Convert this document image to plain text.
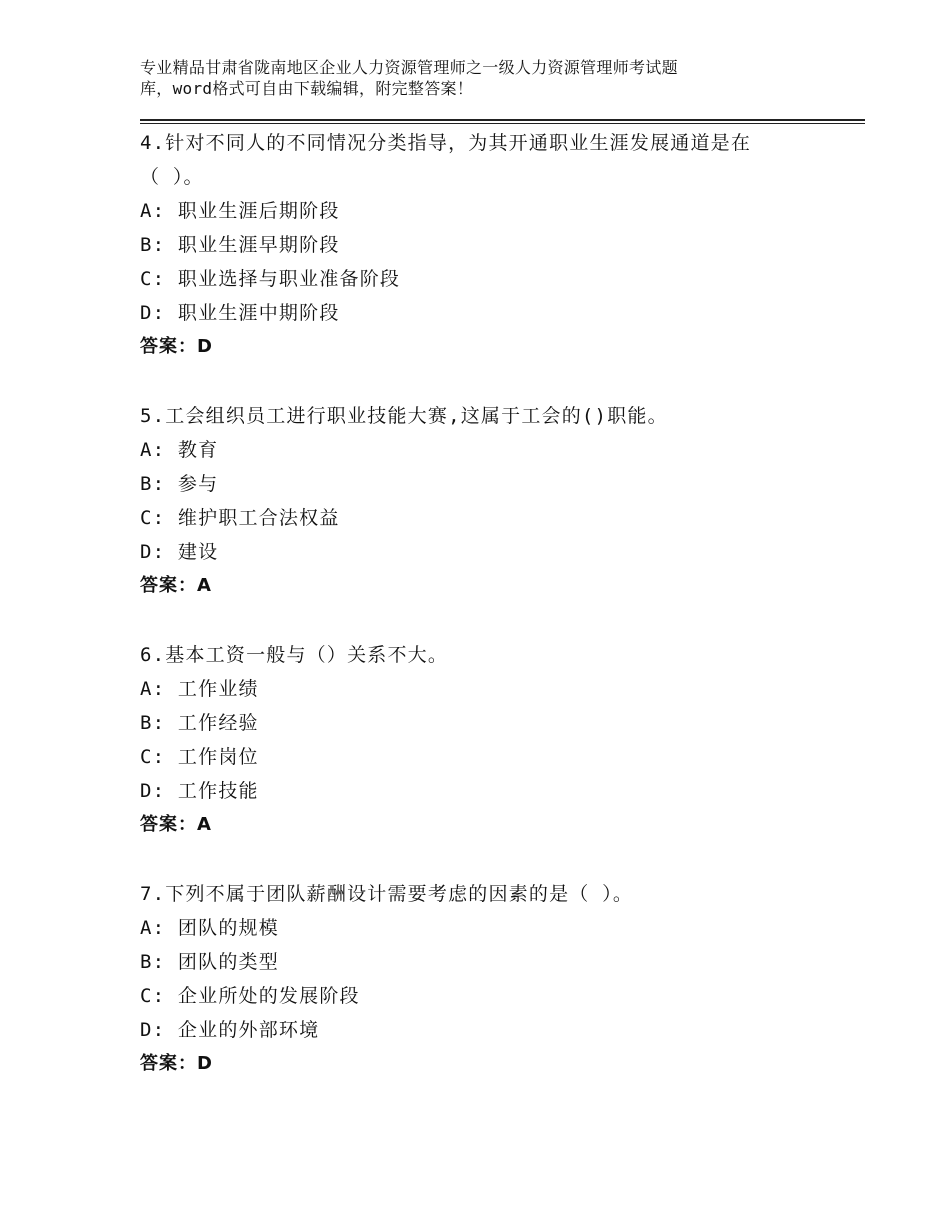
专业精品甘肃省陇南地区企业人力资源管理师之一级人力资源管理师考试题
库，word格式可自由下载编辑，附完整答案！

4.针对不同人的不同情况分类指导，为其开通职业生涯发展通道是在

（ ）。

A: 职业生涯后期阶段

B: 职业生涯早期阶段

C: 职业选择与职业准备阶段

D: 职业生涯中期阶段

答案：D

5.工会组织员工进行职业技能大赛,这属于工会的()职能。

A: 教育

B: 参与

C: 维护职工合法权益

D: 建设

答案：A

6.基本工资一般与（）关系不大。

A: 工作业绩

B: 工作经验

C: 工作岗位

D: 工作技能

答案：A

7.下列不属于团队薪酬设计需要考虑的因素的是（ ）。

A: 团队的规模

B: 团队的类型

C: 企业所处的发展阶段

D: 企业的外部环境

答案：D
